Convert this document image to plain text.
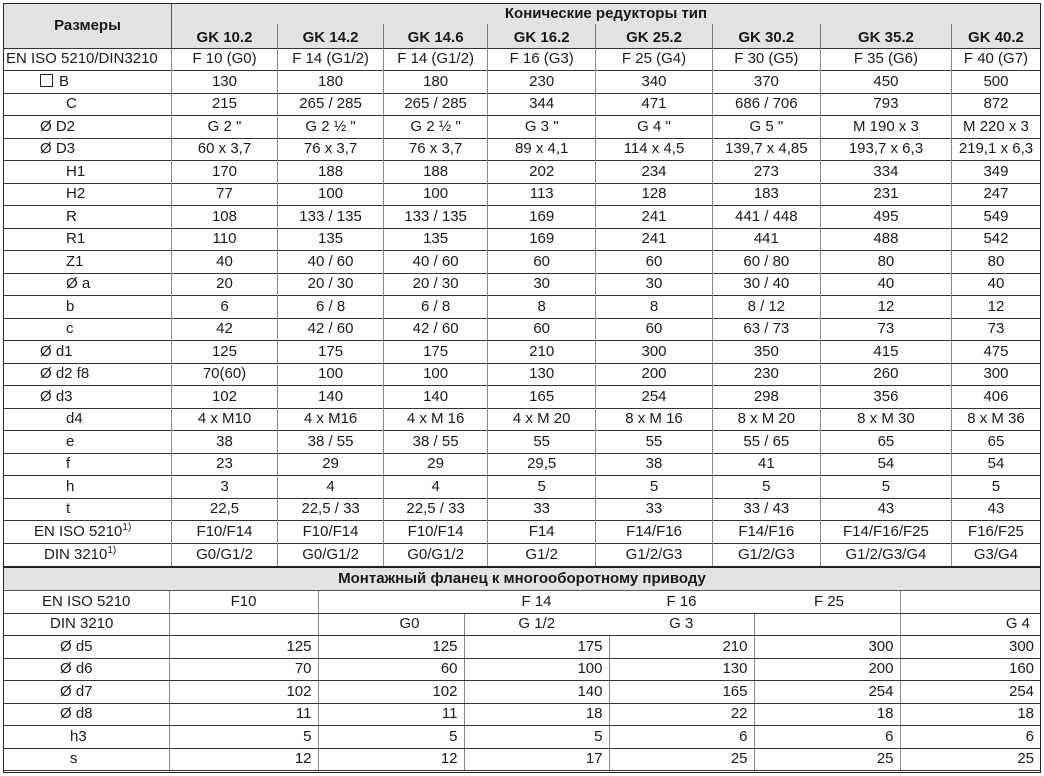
Размеры	Конические редукторы тип							
	GK 10.2	GK 14.2	GK 14.6	GK 16.2	GK 25.2	GK 30.2	GK 35.2	GK 40.2
EN ISO 5210/DIN3210	F 10 (G0)	F 14 (G1/2)	F 14 (G1/2)	F 16 (G3)	F 25 (G4)	F 30 (G5)	F 35 (G6)	F 40 (G7)
B	130	180	180	230	340	370	450	500
C	215	265 / 285	265 / 285	344	471	686 / 706	793	872
Ø D2	G 2 "	G 2 ½ "	G 2 ½ "	G 3 "	G 4 "	G 5 "	M 190 x 3	M 220 x 3
Ø D3	60 x 3,7	76 x 3,7	76 x 3,7	89 x 4,1	114 x 4,5	139,7 x 4,85	193,7 x 6,3	219,1 x 6,3
H1	170	188	188	202	234	273	334	349
H2	77	100	100	113	128	183	231	247
R	108	133 / 135	133 / 135	169	241	441 / 448	495	549
R1	110	135	135	169	241	441	488	542
Z1	40	40 / 60	40 / 60	60	60	60 / 80	80	80
Ø a	20	20 / 30	20 / 30	30	30	30 / 40	40	40
b	6	6 / 8	6 / 8	8	8	8 / 12	12	12
c	42	42 / 60	42 / 60	60	60	63 / 73	73	73
Ø d1	125	175	175	210	300	350	415	475
Ø d2 f8	70(60)	100	100	130	200	230	260	300
Ø d3	102	140	140	165	254	298	356	406
d4	4 x M10	4 x M16	4 x M 16	4 x M 20	8 x M 16	8 x M 20	8 x M 30	8 x M 36
e	38	38 / 55	38 / 55	55	55	55 / 65	65	65
f	23	29	29	29,5	38	41	54	54
h	3	4	4	5	5	5	5	5
t	22,5	22,5 / 33	22,5 / 33	33	33	33 / 43	43	43
EN ISO 5210$^{1)}$	F10/F14	F10/F14	F10/F14	F14	F14/F16	F14/F16	F14/F16/F25	F16/F25
DIN 3210$^{1)}$	G0/G1/2	G0/G1/2	G0/G1/2	G1/2	G1/2/G3	G1/2/G3	G1/2/G3/G4	G3/G4
Монтажный фланец к многооборотному приводу						
EN ISO 5210	F10		F 14	F 16	F 25	
DIN 3210		G0	G 1/2	G 3		G 4
Ø d5	125	125	175	210	300	300
Ø d6	70	60	100	130	200	160
Ø d7	102	102	140	165	254	254
Ø d8	11	11	18	22	18	18
h3	5	5	5	6	6	6
s	12	12	17	25	25	25
